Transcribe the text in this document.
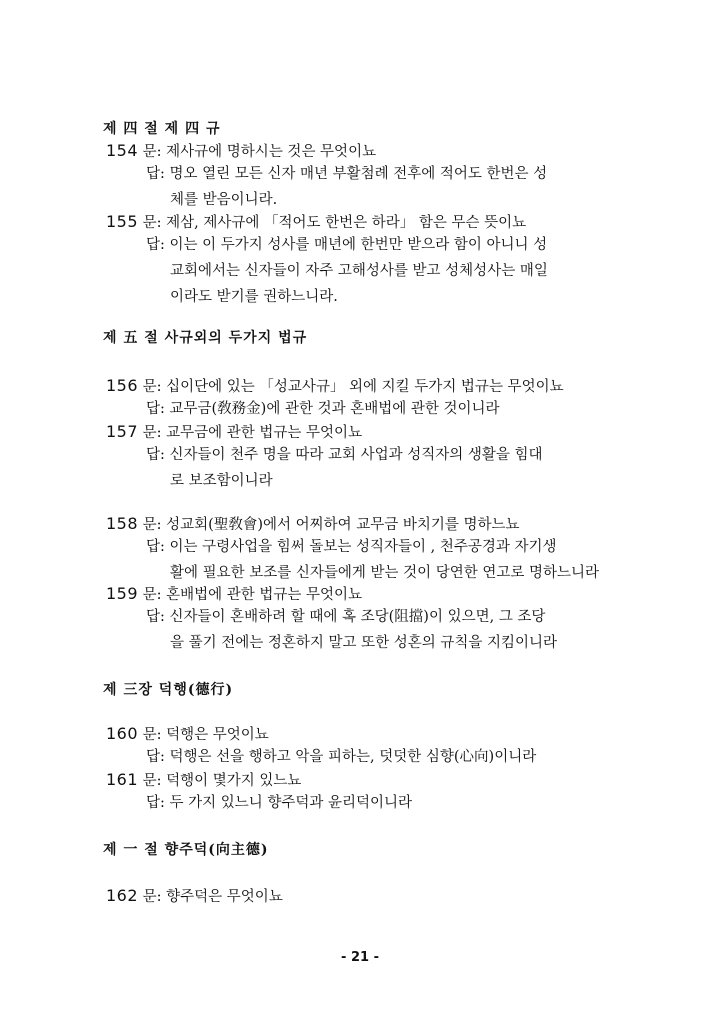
제 四 절 제 四 규
154 문: 제사규에 명하시는 것은 무엇이뇨
답: 명오 열린 모든 신자 매년 부활첨례 전후에 적어도 한번은 성
체를 받음이니라.
155 문: 제삼, 제사규에 「적어도 한번은 하라」 함은 무슨 뜻이뇨
답: 이는 이 두가지 성사를 매년에 한번만 받으라 함이 아니니 성
교회에서는 신자들이 자주 고해성사를 받고 성체성사는 매일
이라도 받기를 권하느니라.
제 五 절 사규외의 두가지 법규
156 문: 십이단에 있는 「성교사규」 외에 지킬 두가지 법규는 무엇이뇨
답: 교무금(敎務金)에 관한 것과 혼배법에 관한 것이니라
157 문: 교무금에 관한 법규는 무엇이뇨
답: 신자들이 천주 명을 따라 교회 사업과 성직자의 생활을 힘대
로 보조함이니라
158 문: 성교회(聖敎會)에서 어찌하여 교무금 바치기를 명하느뇨
답: 이는 구령사업을 힘써 돌보는 성직자들이 , 천주공경과 자기생
활에 필요한 보조를 신자들에게 받는 것이 당연한 연고로 명하느니라
159 문: 혼배법에 관한 법규는 무엇이뇨
답: 신자들이 혼배하려 할 때에 혹 조당(阻擋)이 있으면, 그 조당
을 풀기 전에는 정혼하지 말고 또한 성혼의 규칙을 지킴이니라
제 三장 덕행(德行)
160 문: 덕행은 무엇이뇨
답: 덕행은 선을 행하고 악을 피하는, 덧덧한 심향(心向)이니라
161 문: 덕행이 몇가지 있느뇨
답: 두 가지 있느니 향주덕과 윤리덕이니라
제 一 절 향주덕(向主德)
162 문: 향주덕은 무엇이뇨
- 21 -
